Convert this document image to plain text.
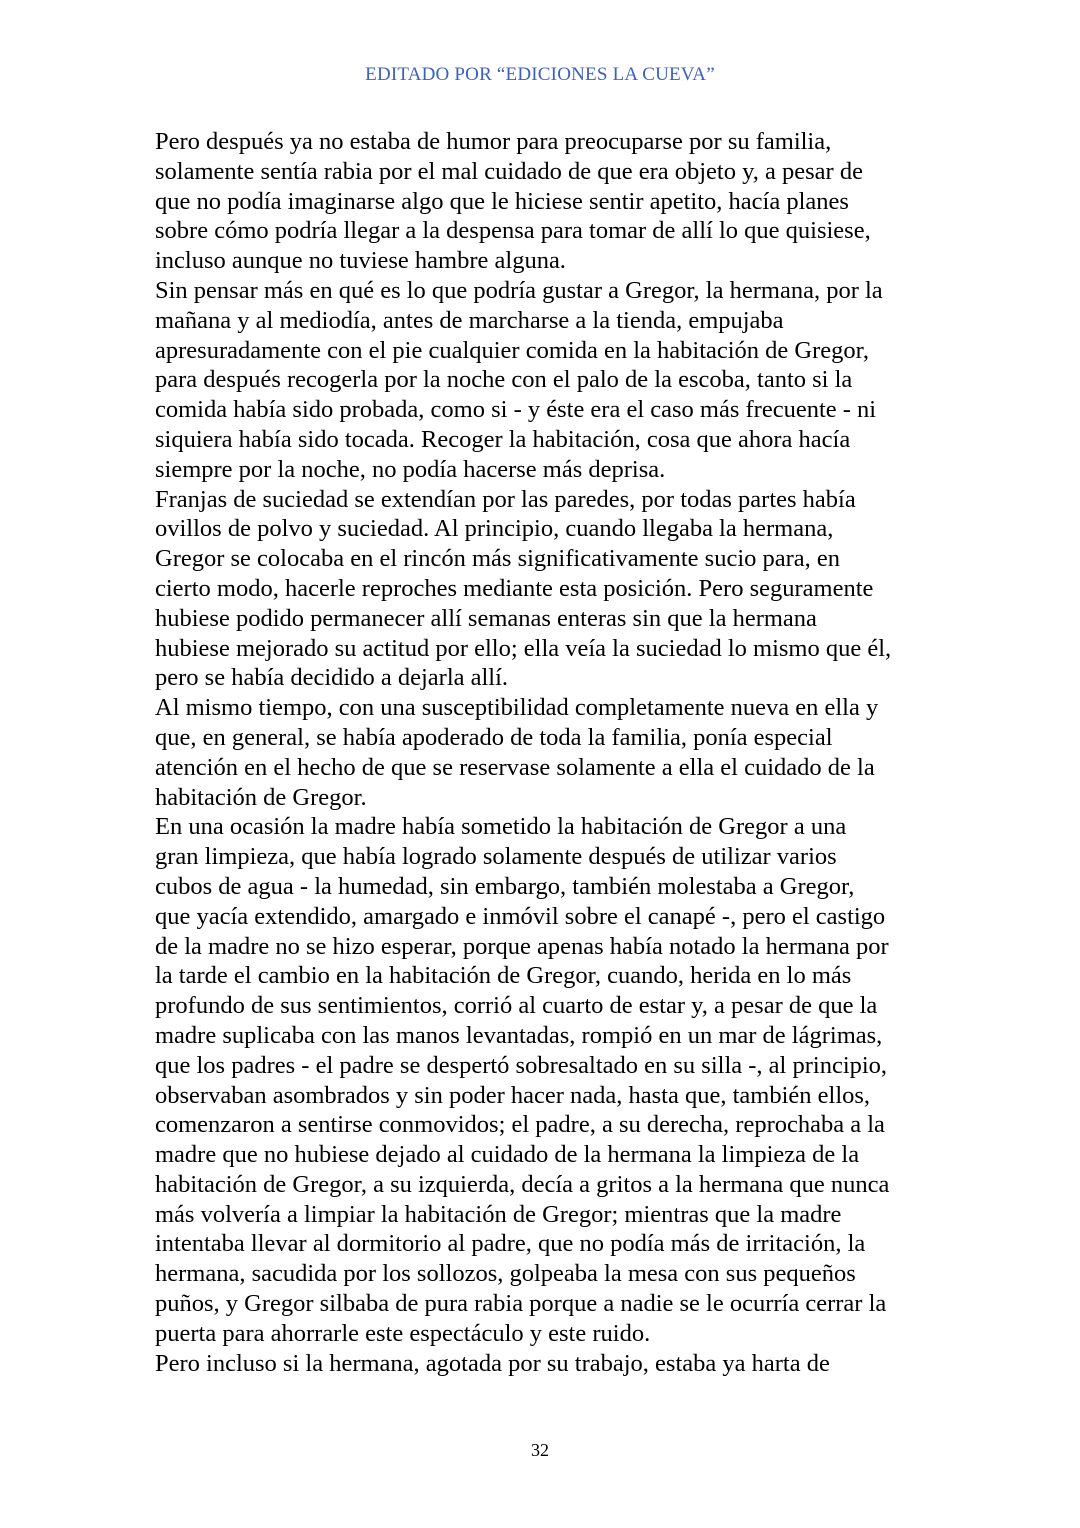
EDITADO POR “EDICIONES LA CUEVA”
Pero después ya no estaba de humor para preocuparse por su familia,
solamente sentía rabia por el mal cuidado de que era objeto y, a pesar de
que no podía imaginarse algo que le hiciese sentir apetito, hacía planes
sobre cómo podría llegar a la despensa para tomar de allí lo que quisiese,
incluso aunque no tuviese hambre alguna.
Sin pensar más en qué es lo que podría gustar a Gregor, la hermana, por la
mañana y al mediodía, antes de marcharse a la tienda, empujaba
apresuradamente con el pie cualquier comida en la habitación de Gregor,
para después recogerla por la noche con el palo de la escoba, tanto si la
comida había sido probada, como si - y éste era el caso más frecuente - ni
siquiera había sido tocada. Recoger la habitación, cosa que ahora hacía
siempre por la noche, no podía hacerse más deprisa.
Franjas de suciedad se extendían por las paredes, por todas partes había
ovillos de polvo y suciedad. Al principio, cuando llegaba la hermana,
Gregor se colocaba en el rincón más significativamente sucio para, en
cierto modo, hacerle reproches mediante esta posición. Pero seguramente
hubiese podido permanecer allí semanas enteras sin que la hermana
hubiese mejorado su actitud por ello; ella veía la suciedad lo mismo que él,
pero se había decidido a dejarla allí.
Al mismo tiempo, con una susceptibilidad completamente nueva en ella y
que, en general, se había apoderado de toda la familia, ponía especial
atención en el hecho de que se reservase solamente a ella el cuidado de la
habitación de Gregor.
En una ocasión la madre había sometido la habitación de Gregor a una
gran limpieza, que había logrado solamente después de utilizar varios
cubos de agua - la humedad, sin embargo, también molestaba a Gregor,
que yacía extendido, amargado e inmóvil sobre el canapé -, pero el castigo
de la madre no se hizo esperar, porque apenas había notado la hermana por
la tarde el cambio en la habitación de Gregor, cuando, herida en lo más
profundo de sus sentimientos, corrió al cuarto de estar y, a pesar de que la
madre suplicaba con las manos levantadas, rompió en un mar de lágrimas,
que los padres - el padre se despertó sobresaltado en su silla -, al principio,
observaban asombrados y sin poder hacer nada, hasta que, también ellos,
comenzaron a sentirse conmovidos; el padre, a su derecha, reprochaba a la
madre que no hubiese dejado al cuidado de la hermana la limpieza de la
habitación de Gregor, a su izquierda, decía a gritos a la hermana que nunca
más volvería a limpiar la habitación de Gregor; mientras que la madre
intentaba llevar al dormitorio al padre, que no podía más de irritación, la
hermana, sacudida por los sollozos, golpeaba la mesa con sus pequeños
puños, y Gregor silbaba de pura rabia porque a nadie se le ocurría cerrar la
puerta para ahorrarle este espectáculo y este ruido.
Pero incluso si la hermana, agotada por su trabajo, estaba ya harta de
32
